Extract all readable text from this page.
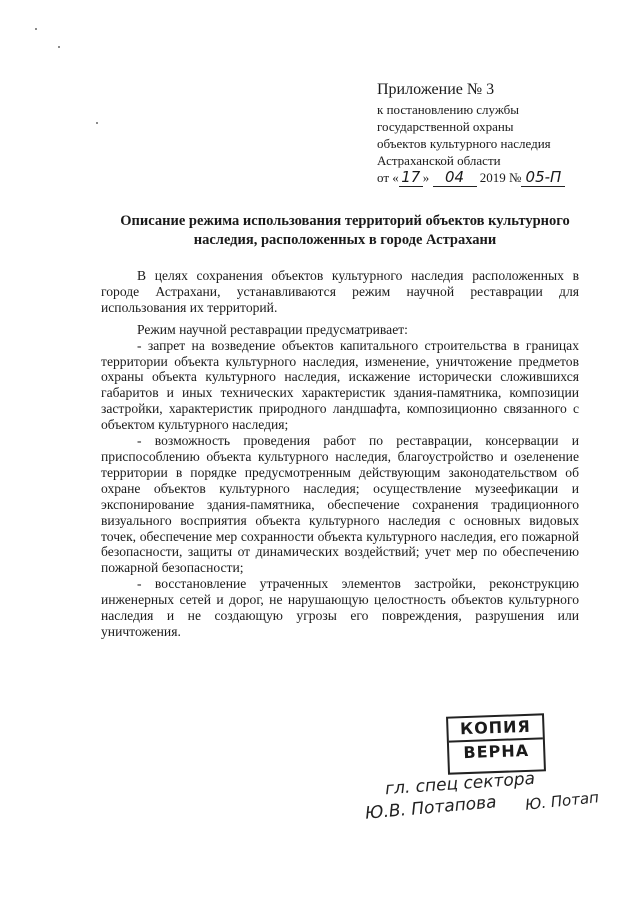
Приложение № 3
к постановлению службы
государственной охраны
объектов культурного наследия
Астраханской области
от « 17 » 04 2019 № 05-П
Описание режима использования территорий объектов культурного наследия, расположенных в городе Астрахани

В целях сохранения объектов культурного наследия расположенных в городе Астрахани, устанавливаются режим научной реставрации для использования их территорий.

Режим научной реставрации предусматривает:

- запрет на возведение объектов капитального строительства в границах территории объекта культурного наследия, изменение, уничтожение предметов охраны объекта культурного наследия, искажение исторически сложившихся габаритов и иных технических характеристик здания-памятника, композиции застройки, характеристик природного ландшафта, композиционно связанного с объектом культурного наследия;

- возможность проведения работ по реставрации, консервации и приспособлению объекта культурного наследия, благоустройство и озеленение территории в порядке предусмотренным действующим законодательством об охране объектов культурного наследия; осуществление музеефикации и экспонирование здания-памятника, обеспечение сохранения традиционного визуального восприятия объекта культурного наследия с основных видовых точек, обеспечение мер сохранности объекта культурного наследия, его пожарной безопасности, защиты от динамических воздействий; учет мер по обеспечению пожарной безопасности;

- восстановление утраченных элементов застройки, реконструкцию инженерных сетей и дорог, не нарушающую целостность объектов культурного наследия и не создающую угрозы его повреждения, разрушения или уничтожения.

КОПИЯ
ВЕРНА
гл. спец сектора
Ю.В. Потапова Ю. Потап
